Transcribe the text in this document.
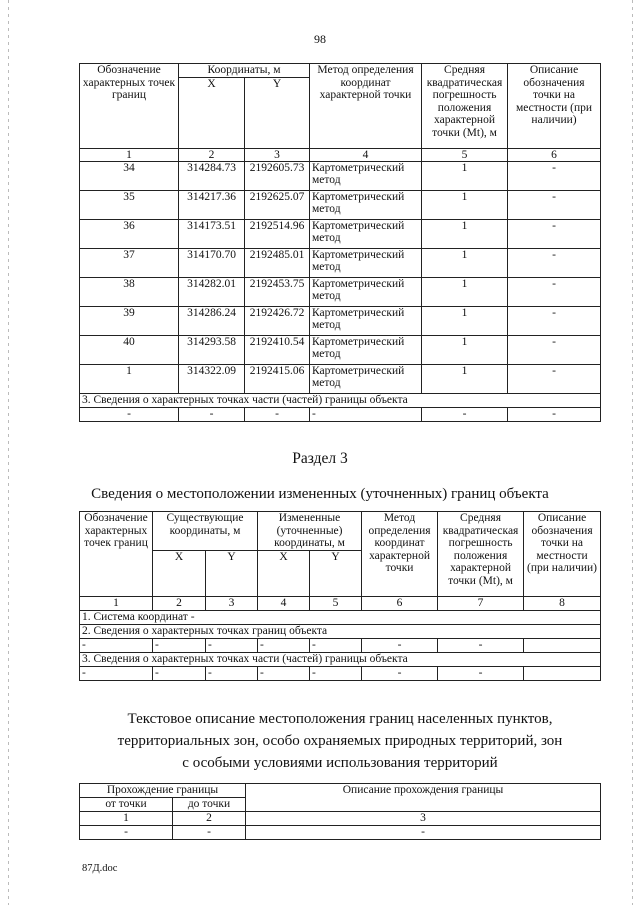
98
Обозначение характерных точек границ	Координаты, м		Метод определения координат характерной точки	Средняя квадратическая погрешность положения характерной точки (Mt), м	Описание обозначения точки на местности (при наличии)
	X	Y			
1	2	3	4	5	6
34	314284.73	2192605.73	Картометрический метод	1	-
35	314217.36	2192625.07	Картометрический метод	1	-
36	314173.51	2192514.96	Картометрический метод	1	-
37	314170.70	2192485.01	Картометрический метод	1	-
38	314282.01	2192453.75	Картометрический метод	1	-
39	314286.24	2192426.72	Картометрический метод	1	-
40	314293.58	2192410.54	Картометрический метод	1	-
1	314322.09	2192415.06	Картометрический метод	1	-
3. Сведения о характерных точках части (частей) границы объекта					
-	-	-	-	-	-
Раздел 3
Сведения о местоположении измененных (уточненных) границ объекта
Обозначение характерных точек границ	Существующие координаты, м		Измененные (уточненные) координаты, м		Метод определения координат характерной точки	Средняя квадратическая погрешность положения характерной точки (Mt), м	Описание обозначения точки на местности (при наличии)
	X	Y	X	Y			
1	2	3	4	5	6	7	8
1. Система координат -							
2. Сведения о характерных точках границ объекта							
-	-	-	-	-	-	-	
3. Сведения о характерных точках части (частей) границы объекта							
-	-	-	-	-	-	-	
Текстовое описание местоположения границ населенных пунктов,
территориальных зон, особо охраняемых природных территорий, зон
с особыми условиями использования территорий
Прохождение границы		Описание прохождения границы
от точки	до точки	
1	2	3
-	-	-
87Д.doc
